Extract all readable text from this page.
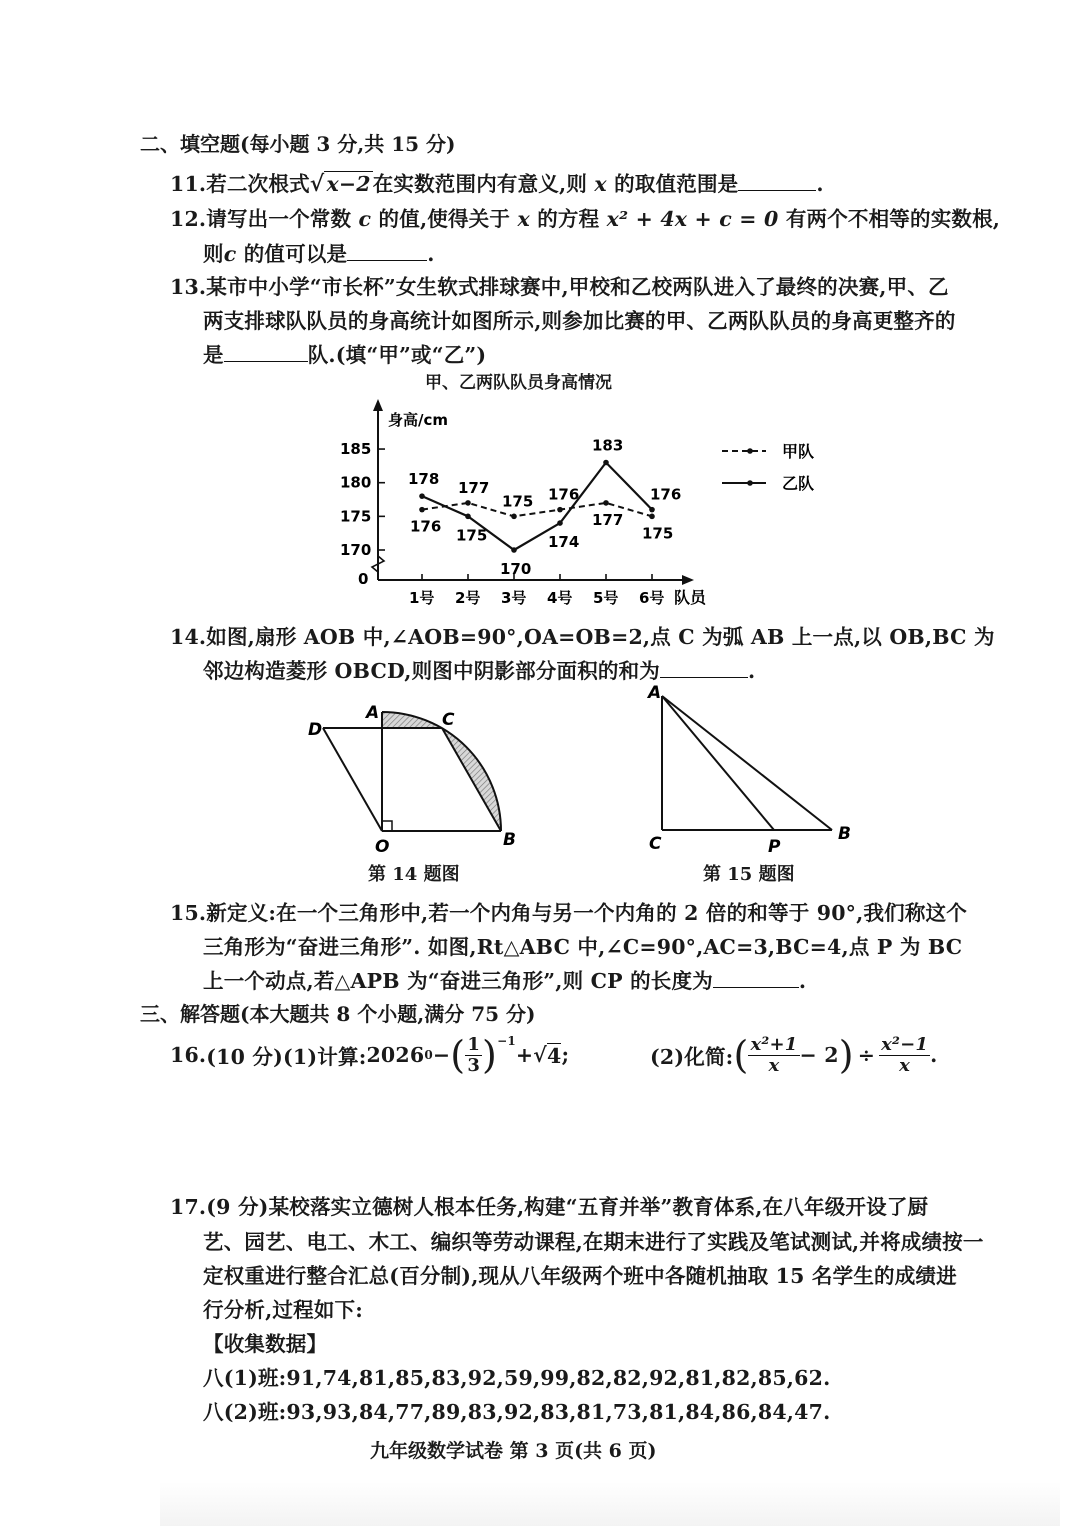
二、填空题(每小题 3 分,共 15 分)
11.若二次根式√x−2在实数范围内有意义,则 x 的取值范围是	.
12.请写出一个常数 c 的值,使得关于 x 的方程 x² + 4x + c = 0 有两个不相等的实数根,
则c 的值可以是	.
13.某市中小学“市长杯”女生软式排球赛中,甲校和乙校两队进入了最终的决赛,甲、乙
两支排球队队员的身高统计如图所示,则参加比赛的甲、乙两队队员的身高更整齐的
是	队.(填“甲”或“乙”)
甲、乙两队队员身高情况
身高/cm
队员
0
170
175
180
185
1号 2号 3号 4号 5号 6号
176
177
175 176
177
175
178
175
170
174
183
176
甲队
乙队
14.如图,扇形 AOB 中,∠AOB=90°,OA=OB=2,点 C 为弧 AB 上一点,以 OB,BC 为
邻边构造菱形 OBCD,则图中阴影部分面积的和为	.
A	C
D
O	B
第 14 题图
A
C	P
B
第 15 题图
15.新定义:在一个三角形中,若一个内角与另一个内角的 2 倍的和等于 90°,我们称这个
三角形为“奋进三角形”. 如图,Rt△ABC 中,∠C=90°,AC=3,BC=4,点 P 为 BC
上一个动点,若△APB 为“奋进三角形”,则 CP 的长度为	.
三、解答题(本大题共 8 个小题,满分 75 分)
16. (10 分) (1)计算: 2026 0 − ( $\frac{1}{3} )^{-1}$
+ √ 4 ;	(2)化简: ( $\frac{\text{x²+1}}{x} - 2$ ) ÷ $\frac{\text{x²−1}}{x}$ .
17.(9 分)某校落实立德树人根本任务,构建“五育并举”教育体系,在八年级开设了厨
艺、园艺、电工、木工、编织等劳动课程,在期末进行了实践及笔试测试,并将成绩按一
定权重进行整合汇总(百分制),现从八年级两个班中各随机抽取 15 名学生的成绩进
行分析,过程如下:
【收集数据】
八(1)班:91,74,81,85,83,92,59,99,82,82,92,81,82,85,62.
八(2)班:93,93,84,77,89,83,92,83,81,73,81,84,86,84,47.
九年级数学试卷 第 3 页(共 6 页)
